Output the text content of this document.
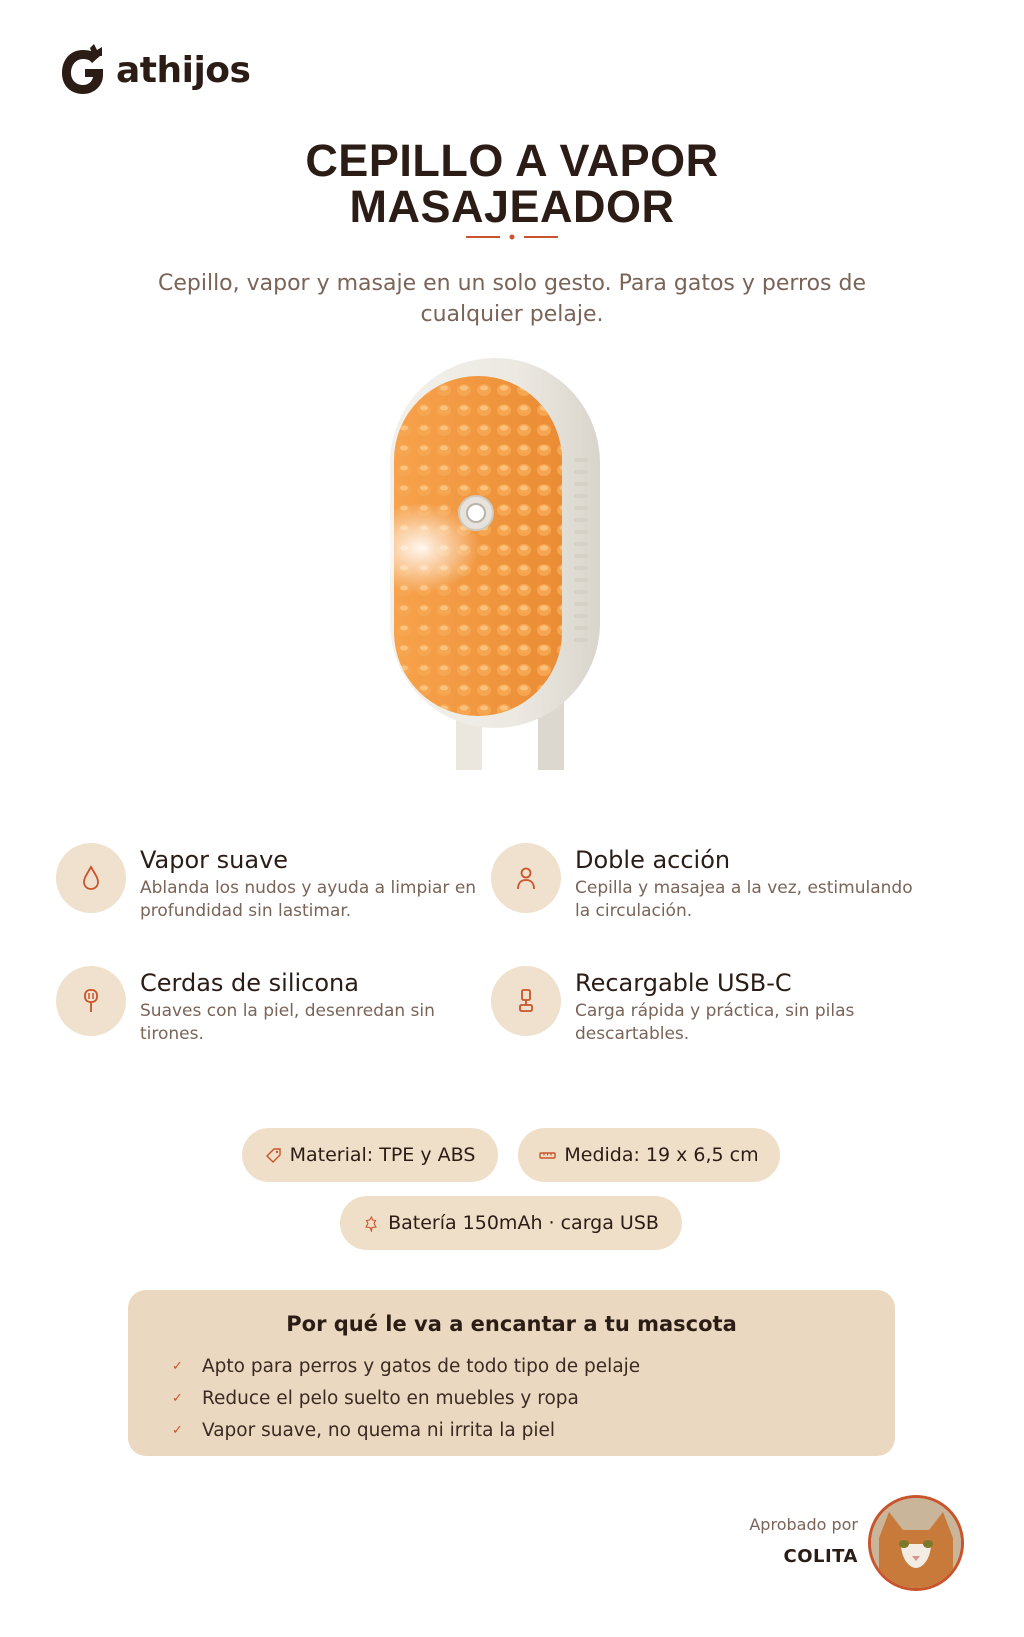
athijos
CEPILLO A VAPOR
MASAJEADOR

Cepillo, vapor y masaje en un solo gesto. Para gatos y perros de cualquier pelaje.

Vapor suave
Ablanda los nudos y ayuda a limpiar en profundidad sin lastimar.
Doble acción
Cepilla y masajea a la vez, estimulando la circulación.
Cerdas de silicona
Suaves con la piel, desenredan sin tirones.
Recargable USB-C
Carga rápida y práctica, sin pilas descartables.
Material: TPE y ABS	Medida: 19 x 6,5 cm
Batería 150mAh · carga USB
Por qué le va a encantar a tu mascota
✓ Apto para perros y gatos de todo tipo de pelaje
✓ Reduce el pelo suelto en muebles y ropa
✓ Vapor suave, no quema ni irrita la piel
Aprobado por
COLITA
